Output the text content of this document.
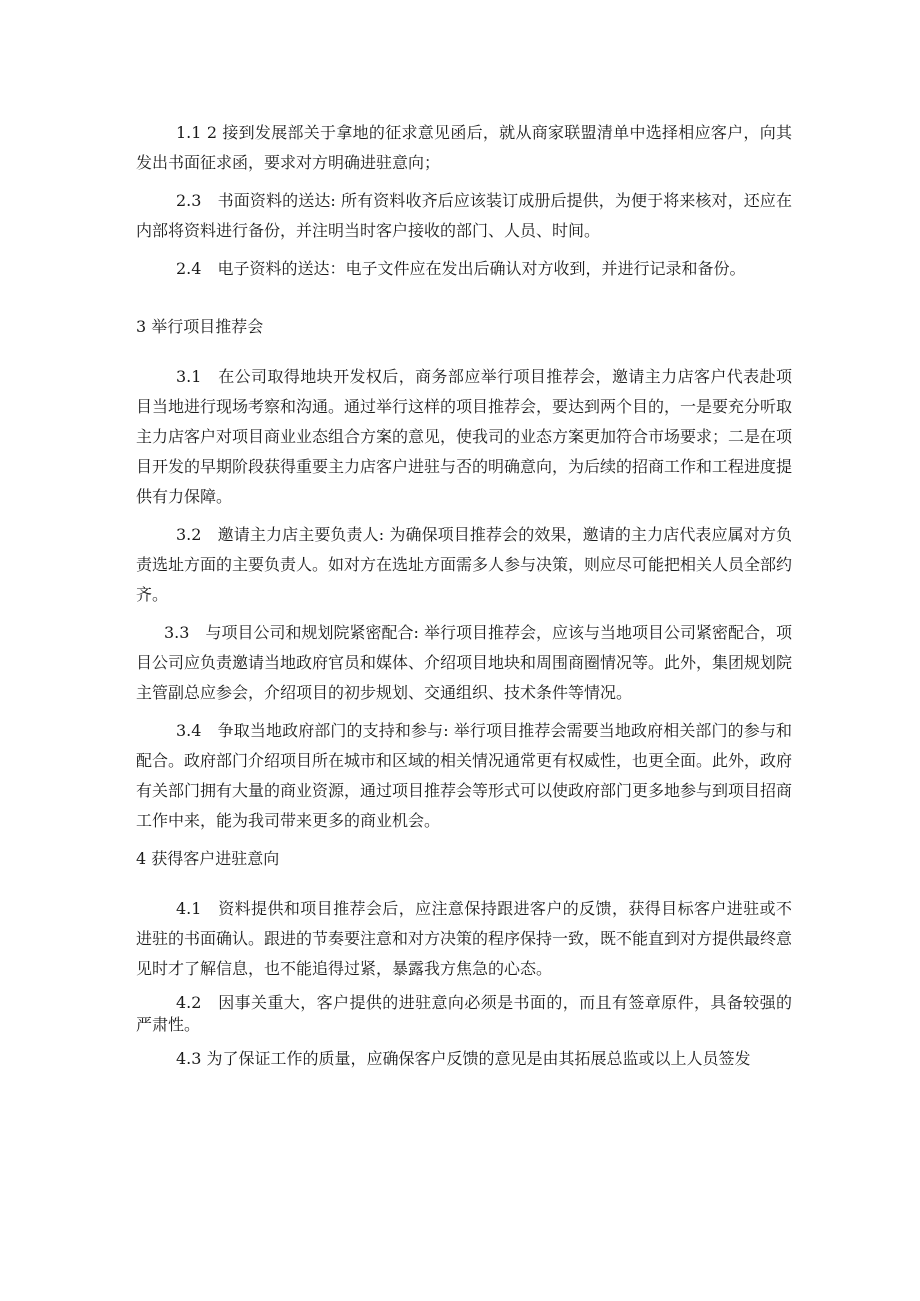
1.1 2 接到发展部关于拿地的征求意见函后，就从商家联盟清单中选择相应客户，向其发出书面征求函，要求对方明确进驻意向；

2.3　书面资料的送达: 所有资料收齐后应该装订成册后提供，为便于将来核对，还应在内部将资料进行备份，并注明当时客户接收的部门、人员、时间。

2.4　电子资料的送达：电子文件应在发出后确认对方收到，并进行记录和备份。

3 举行项目推荐会

3.1　在公司取得地块开发权后，商务部应举行项目推荐会，邀请主力店客户代表赴项目当地进行现场考察和沟通。通过举行这样的项目推荐会，要达到两个目的，一是要充分听取主力店客户对项目商业业态组合方案的意见，使我司的业态方案更加符合市场要求；二是在项目开发的早期阶段获得重要主力店客户进驻与否的明确意向，为后续的招商工作和工程进度提供有力保障。

3.2　邀请主力店主要负责人: 为确保项目推荐会的效果，邀请的主力店代表应属对方负责选址方面的主要负责人。如对方在选址方面需多人参与决策，则应尽可能把相关人员全部约齐。

3.3　与项目公司和规划院紧密配合: 举行项目推荐会，应该与当地项目公司紧密配合，项目公司应负责邀请当地政府官员和媒体、介绍项目地块和周围商圈情况等。此外，集团规划院主管副总应参会，介绍项目的初步规划、交通组织、技术条件等情况。

3.4　争取当地政府部门的支持和参与: 举行项目推荐会需要当地政府相关部门的参与和配合。政府部门介绍项目所在城市和区域的相关情况通常更有权威性，也更全面。此外，政府有关部门拥有大量的商业资源，通过项目推荐会等形式可以使政府部门更多地参与到项目招商工作中来，能为我司带来更多的商业机会。

4 获得客户进驻意向

4.1　资料提供和项目推荐会后，应注意保持跟进客户的反馈，获得目标客户进驻或不进驻的书面确认。跟进的节奏要注意和对方决策的程序保持一致，既不能直到对方提供最终意见时才了解信息，也不能追得过紧，暴露我方焦急的心态。

4.2　因事关重大，客户提供的进驻意向必须是书面的，而且有签章原件，具备较强的严肃性。

4.3 为了保证工作的质量，应确保客户反馈的意见是由其拓展总监或以上人员签发
